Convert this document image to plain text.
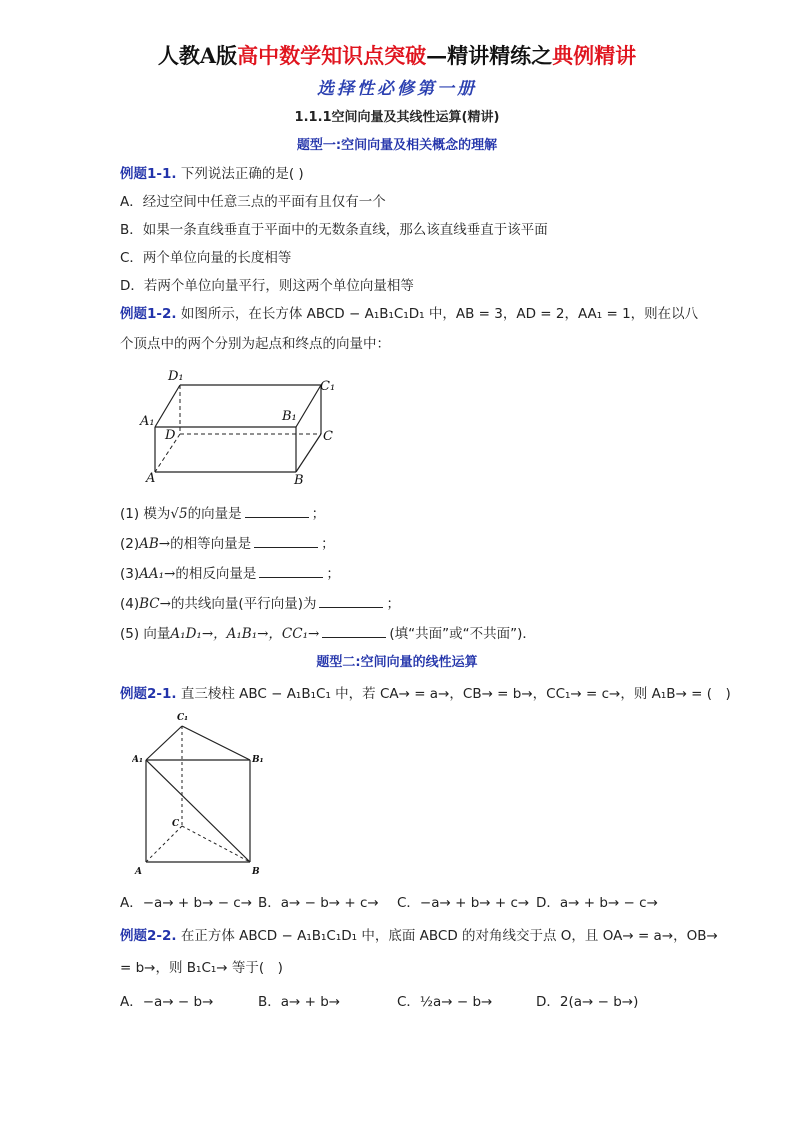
人教A版高中数学知识点突破—精讲精练之典例精讲
选择性必修第一册
1.1.1空间向量及其线性运算(精讲)
题型一:空间向量及相关概念的理解
例题1-1. 下列说法正确的是( )
A．经过空间中任意三点的平面有且仅有一个
B．如果一条直线垂直于平面中的无数条直线，那么该直线垂直于该平面
C．两个单位向量的长度相等
D．若两个单位向量平行，则这两个单位向量相等
例题1-2. 如图所示，在长方体 ABCD − A₁B₁C₁D₁ 中，AB = 3，AD = 2，AA₁ = 1，则在以八
个顶点中的两个分别为起点和终点的向量中：
D₁
C₁
A₁	B₁
D	C
A	B
(1) 模为√5的向量是	；
(2)AB→的相等向量是	；
(3)AA₁→的相反向量是	；
(4)BC→的共线向量(平行向量)为	；
(5) 向量A₁D₁→，A₁B₁→，CC₁→	(填“共面”或“不共面”)．
题型二:空间向量的线性运算
例题2-1. 直三棱柱 ABC − A₁B₁C₁ 中，若 CA→ = a→，CB→ = b→，CC₁→ = c→，则 A₁B→ = (　)
C₁
A₁	B₁
C
A	B
A．−a→ + b→ − c→ B．a→ − b→ + c→ C．−a→ + b→ + c→ D．a→ + b→ − c→
例题2-2. 在正方体 ABCD − A₁B₁C₁D₁ 中，底面 ABCD 的对角线交于点 O，且 OA→ = a→，OB→
= b→，则 B₁C₁→ 等于(　)
A．−a→ − b→	B．a→ + b→	C．½a→ − b→	D．2(a→ − b→)
